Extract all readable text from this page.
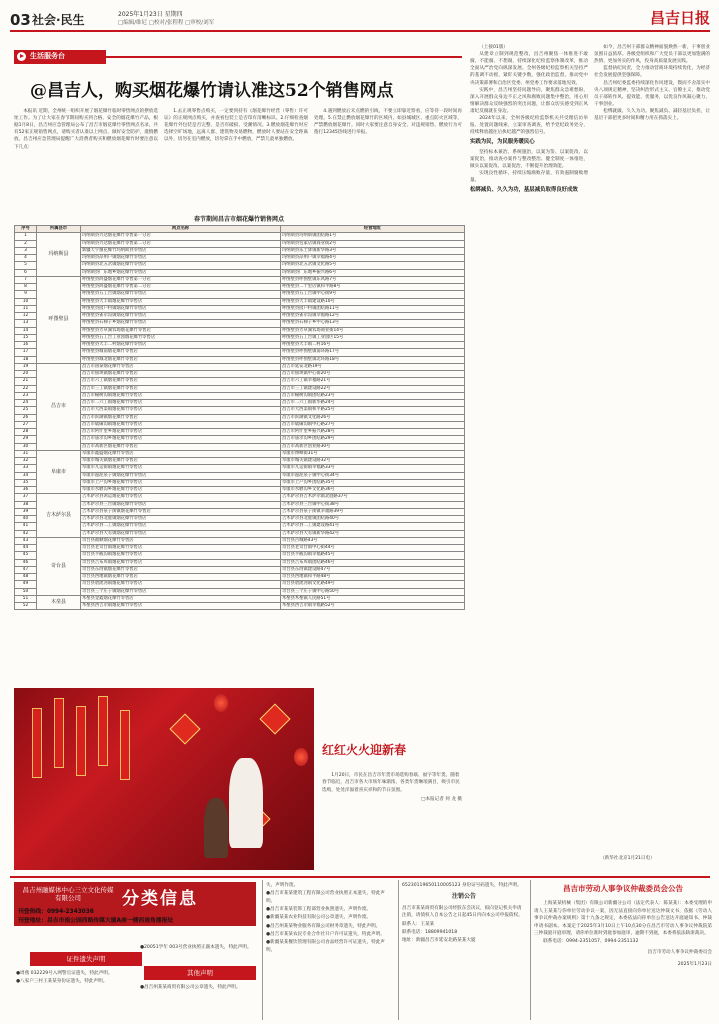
03 社会·民生	2025年1月23日 星期四
□编辑/维尼 □校对/张程程 □审校/刘军	昌吉日报
生活服务台
@昌吉人，购买烟花爆竹请认准这52个销售网点

本报讯 近期，全州统一组织开展了烟花爆竹临时零售网点的摆放选址工作。为了让大家在春节期间购买到合格、安全的烟花爆竹产品，根据1月8日，昌吉州应急管理局公布了昌吉市烟花爆竹零售网点名录，共有52家正规销售网点，请购买者认准以上网点，做好安全防护，谨慎燃放。昌吉州应急管理局提醒广大消费者购买和燃放烟花爆竹时要注意以下几点：

1.去正规零售点购买，一定要到持有《烟花爆竹经营（零售）许可证》的正规网点购买，并查看包装上是否印有清晰标识。2.仔细检查烟花爆竹外包装是否完整、是否有破损、受潮情况。3.燃放烟花爆竹时应选择空旷场地，远离人群、建筑物及易燃物，燃放时人要站在安全距离以外，切勿在室内燃放，切勿拿在手中燃放，严禁儿童单独燃放。

4.遇到燃放后未点燃的引线，不要立即靠近察看，应等待一段时间再处理。5.在禁止燃放烟花爆竹的区域内，如县城城区、重点防火区域等，严禁燃放烟花爆竹。同时大家要注意自身安全，对违规销售、燃放行为可拨打12345热线进行举报。

春节期间昌吉市烟花爆竹销售网点
序号	所属县市	网点名称	经营地址
1	玛纳斯县	玛纳斯县兴达烟花爆竹零售第一分店	玛纳斯县玛纳斯镇团结路1号
2		玛纳斯县兴达烟花爆竹零售第二分店	玛纳斯县包家店镇商业街2号
3		新疆天宇烟花爆竹玛纳斯县零售店	玛纳斯县乐土驿镇新华路3号
4		玛纳斯县凉州户镇烟花爆竹零售店	玛纳斯县凉州户镇幸福路4号
5		玛纳斯县北五岔镇烟花爆竹零售店	玛纳斯县北五岔镇文化路5号
6		玛纳斯县广东地乡烟花爆竹零售店	玛纳斯县广东地乡振兴路6号
7	呼图壁县	呼图壁县鸿盛烟花爆竹零售第一分店	呼图壁县呼图壁镇东风路7号
8		呼图壁县鸿盛烟花爆竹零售第二分店	呼图壁县二十里店镇和平路8号
9		呼图壁县五工台镇烟花爆竹零售店	呼图壁县五工台镇中心街9号
10		呼图壁县大丰镇烟花爆竹零售店	呼图壁县大丰镇建设路10号
11		呼图壁县园户村镇烟花爆竹零售店	呼图壁县园户村镇团结路11号
12		呼图壁县雀尔沟镇烟花爆竹零售店	呼图壁县雀尔沟镇幸福路12号
13		呼图壁县石梯子乡烟花爆竹零售店	呼图壁县石梯子乡中心路13号
14		呼图壁县芳草湖农场烟花爆竹零售店	呼图壁县芳草湖农场商业街14号
15		呼图壁县五工台工业园烟花爆竹零售店	呼图壁县五工台镇工业园区15号
16		呼图壁县大丰二村烟花爆竹零售店	呼图壁县大丰镇二村16号
17		呼图壁县城南烟花爆竹零售店	呼图壁县呼图壁镇南环路17号
18		呼图壁县城北烟花爆竹零售店	呼图壁县呼图壁镇北环路18号
19	昌吉市	昌吉市国泰烟花爆竹零售店	昌吉市延安北路19号
20		昌吉市佃坝镇烟花爆竹零售店	昌吉市佃坝镇中心街20号
21		昌吉市六工镇烟花爆竹零售店	昌吉市六工镇幸福路21号
22		昌吉市三工镇烟花爆竹零售店	昌吉市三工镇建设路22号
23		昌吉市榆树沟镇烟花爆竹零售店	昌吉市榆树沟镇团结路23号
24		昌吉市二六工镇烟花爆竹零售店	昌吉市二六工镇新华路24号
25		昌吉市大西渠镇烟花爆竹零售店	昌吉市大西渠镇和平路25号
26		昌吉市滨湖镇烟花爆竹零售店	昌吉市滨湖镇文化路26号
27		昌吉市硫磺沟镇烟花爆竹零售店	昌吉市硫磺沟镇中心路27号
28		昌吉市阿什里乡烟花爆竹零售店	昌吉市阿什里乡振兴路28号
29		昌吉市庙尔沟乡烟花爆竹零售店	昌吉市庙尔沟乡团结路29号
30		昌吉市高新区烟花爆竹零售店	昌吉市高新区创业路30号
31	阜康市	阜康市鑫盛烟花爆竹零售店	阜康市博峰街31号
32		阜康市城关镇烟花爆竹零售店	阜康市城关镇建设路32号
33		阜康市九运街镇烟花爆竹零售店	阜康市九运街镇幸福路33号
34		阜康市滋泥泉子镇烟花爆竹零售店	阜康市滋泥泉子镇中心街34号
35		阜康市上户沟乡烟花爆竹零售店	阜康市上户沟乡团结路35号
36		阜康市水磨沟乡烟花爆竹零售店	阜康市水磨沟乡文化路36号
37	吉木萨尔县	吉木萨尔县鸿运烟花爆竹零售店	吉木萨尔县吉木萨尔镇北庭路37号
38		吉木萨尔县三台镇烟花爆竹零售店	吉木萨尔县三台镇中心街38号
39		吉木萨尔县泉子街镇烟花爆竹零售店	吉木萨尔县泉子街镇幸福路39号
40		吉木萨尔县北庭镇烟花爆竹零售店	吉木萨尔县北庭镇团结路40号
41		吉木萨尔县二工镇烟花爆竹零售店	吉木萨尔县二工镇建设路41号
42		吉木萨尔县大有镇烟花爆竹零售店	吉木萨尔县大有镇新华路42号
43	奇台县	奇台县福顺烟花爆竹零售店	奇台县古城路43号
44		奇台县老奇台镇烟花爆竹零售店	奇台县老奇台镇中心街44号
45		奇台县半截沟镇烟花爆竹零售店	奇台县半截沟镇幸福路45号
46		奇台县吉布库镇烟花爆竹零售店	奇台县吉布库镇团结路46号
47		奇台县东湾镇烟花爆竹零售店	奇台县东湾镇建设路47号
48		奇台县西地镇烟花爆竹零售店	奇台县西地镇和平路48号
49		奇台县碧流河镇烟花爆竹零售店	奇台县碧流河镇文化路49号
50		奇台县三个庄子镇烟花爆竹零售店	奇台县三个庄子镇中心路50号
51	木垒县	木垒县金鑫烟花爆竹零售店	木垒县木垒镇人民路51号
52		木垒县西吉尔镇烟花爆竹零售店	木垒县西吉尔镇幸福路52号
红红火火迎新春

1月20日，市民在昌吉市年货市场选购春联、福字等年货。随着春节临近，昌吉市各大市场年味渐浓，各类年货琳琅满目，吸引市民选购，处处洋溢着喜庆祥和的节日氛围。

□本报记者 何 龙 摄

（上接01版）

从建章立制到规范整改，昌吉州聚焦一体推进不敢腐、不能腐、不想腐，持续深化纪检监察体制改革，推动全面从严治党向纵深发展。全州各级纪检监察机关坚持严的基调不动摇，紧盯关键少数，强化政治监督，推动党中央决策部署和自治区党委、州党委工作要求落地见效。

实践中，昌吉州坚持问题导向，聚焦群众急难愁盼，深入开展群众身边不正之风和腐败问题集中整治，用心用情解决群众反映强烈的突出问题，让群众切实感受到正风肃纪反腐就在身边。

2024年以来，全州各级纪检监察机关共受理信访举报、处置问题线索，立案审查调查，给予党纪政务处分，持续释放越往后执纪越严的强烈信号。

实践为民，为民服务暖民心

坚持标本兼治、系统施治，以案为鉴、以案促改、以案促治，推动查办案件与整改整治、健全制度一体推进，做实以案促改、以案促治，不断提升治理效能。

实现良性循环，持续压缩腐败存量，有效遏制腐败增量。

松绑减负、久久为功，基层减负取得良好成效

如今，昌吉州干部群众精神面貌焕然一新，干事创业氛围日益浓厚。各级党组织和广大党员干部以更加饱满的热情、更加务实的作风，投身高质量发展实践。

监督执纪问责，全力推动营商环境持续优化，为经济社会发展提供坚强保障。

昌吉州纪委监委持续深化作风建设，锲而不舍落实中央八项规定精神，坚决纠治形式主义、官僚主义，推动党员干部转作风、提效能、优服务，以优良作风凝心聚力、干事创业。

松绑就做、久久为功。聚焦减负、减轻基层负担，让基层干部把更多时间和精力用在抓落实上。

（新华社北京1月21日电）
昌吉州融媒体中心三立文化传媒有限公司	分类信息
刊登热线：0994-2343036
刊登地址：昌吉市南公园西路传媒大厦A座一楼西南角鼎报处
证件遗失声明

●周燕 032229号入网警官证遗失，特此声明。

●八家户三村王某某身份证遗失，特此声明。

其他声明

●20051学年 003号营业执照正副本遗失，特此声明。

●昌吉州某某商贸有限公司公章遗失，特此声明。

失，声明作废。

●昌吉市某某建筑工程有限公司营业执照正本遗失，特此声明。

●昌吉市某某装饰工程部营业执照遗失，声明作废。

●新疆某某农业科技有限公司公章遗失，声明作废。

●昌吉州某某物业服务有限公司财务章遗失，特此声明。

●昌吉市某某农民专业合作社开户许可证遗失，特此声明。

●新疆某某餐饮管理有限公司食品经营许可证遗失，特此声明。

65230119650110005123 身份证号码遗失，特此声明。

注销公告

昌吉市某某商贸有限公司经股东会决议，拟向登记机关申请注销，请债权人自本公告之日起45日内向本公司申报债权。

联系人：王某某

联系电话：18809941018

地址：新疆昌吉市延安北路某某大厦

昌吉市劳动人事争议仲裁委员会公告

上海某某机械（集团）有限公司新疆分公司（法定代表人：陈某某）：本委受理的申请人王某某与你单位劳动争议一案，因无法直接向你单位送达仲裁文书，依据《劳动人事争议仲裁办案规则》第十九条之规定，本委依法向你单位公告送达开庭通知书、仲裁申请书副本。本案定于2025年3月10日上午10点30分在昌吉市劳动人事争议仲裁院第三仲裁庭开庭审理，请你单位准时到庭参加庭审，逾期不到庭，本委将依法缺席裁决。

联系电话：0994-2351057、0994-2351132

昌吉市劳动人事争议仲裁委员会
2025年1月23日
